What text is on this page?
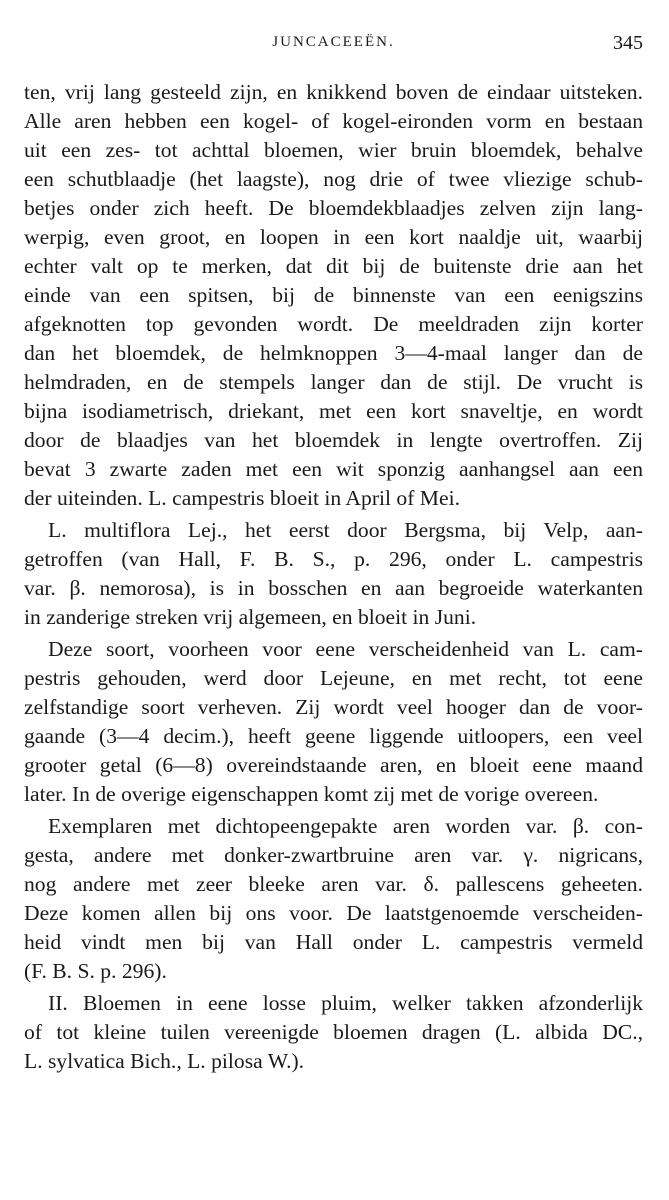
JUNCACEEËN.	345
ten, vrij lang gesteeld zijn, en knikkend boven de eindaar uitsteken.
Alle aren hebben een kogel- of kogel-eironden vorm en bestaan
uit een zes- tot achttal bloemen, wier bruin bloemdek, behalve
een schutblaadje (het laagste), nog drie of twee vliezige schub-
betjes onder zich heeft. De bloemdekblaadjes zelven zijn lang-
werpig, even groot, en loopen in een kort naaldje uit, waarbij
echter valt op te merken, dat dit bij de buitenste drie aan het
einde van een spitsen, bij de binnenste van een eenigszins
afgeknotten top gevonden wordt. De meeldraden zijn korter
dan het bloemdek, de helmknoppen 3—4-maal langer dan de
helmdraden, en de stempels langer dan de stijl. De vrucht is
bijna isodiametrisch, driekant, met een kort snaveltje, en wordt
door de blaadjes van het bloemdek in lengte overtroffen. Zij
bevat 3 zwarte zaden met een wit sponzig aanhangsel aan een
der uiteinden. L. campestris bloeit in April of Mei.
L. multiflora Lej., het eerst door Bergsma, bij Velp, aan-
getroffen (van Hall, F. B. S., p. 296, onder L. campestris
var. β. nemorosa), is in bosschen en aan begroeide waterkanten
in zanderige streken vrij algemeen, en bloeit in Juni.
Deze soort, voorheen voor eene verscheidenheid van L. cam-
pestris gehouden, werd door Lejeune, en met recht, tot eene
zelfstandige soort verheven. Zij wordt veel hooger dan de voor-
gaande (3—4 decim.), heeft geene liggende uitloopers, een veel
grooter getal (6—8) overeindstaande aren, en bloeit eene maand
later. In de overige eigenschappen komt zij met de vorige overeen.
Exemplaren met dichtopeengepakte aren worden var. β. con-
gesta, andere met donker-zwartbruine aren var. γ. nigricans,
nog andere met zeer bleeke aren var. δ. pallescens geheeten.
Deze komen allen bij ons voor. De laatstgenoemde verscheiden-
heid vindt men bij van Hall onder L. campestris vermeld
(F. B. S. p. 296).
II. Bloemen in eene losse pluim, welker takken afzonderlijk
of tot kleine tuilen vereenigde bloemen dragen (L. albida DC.,
L. sylvatica Bich., L. pilosa W.).
